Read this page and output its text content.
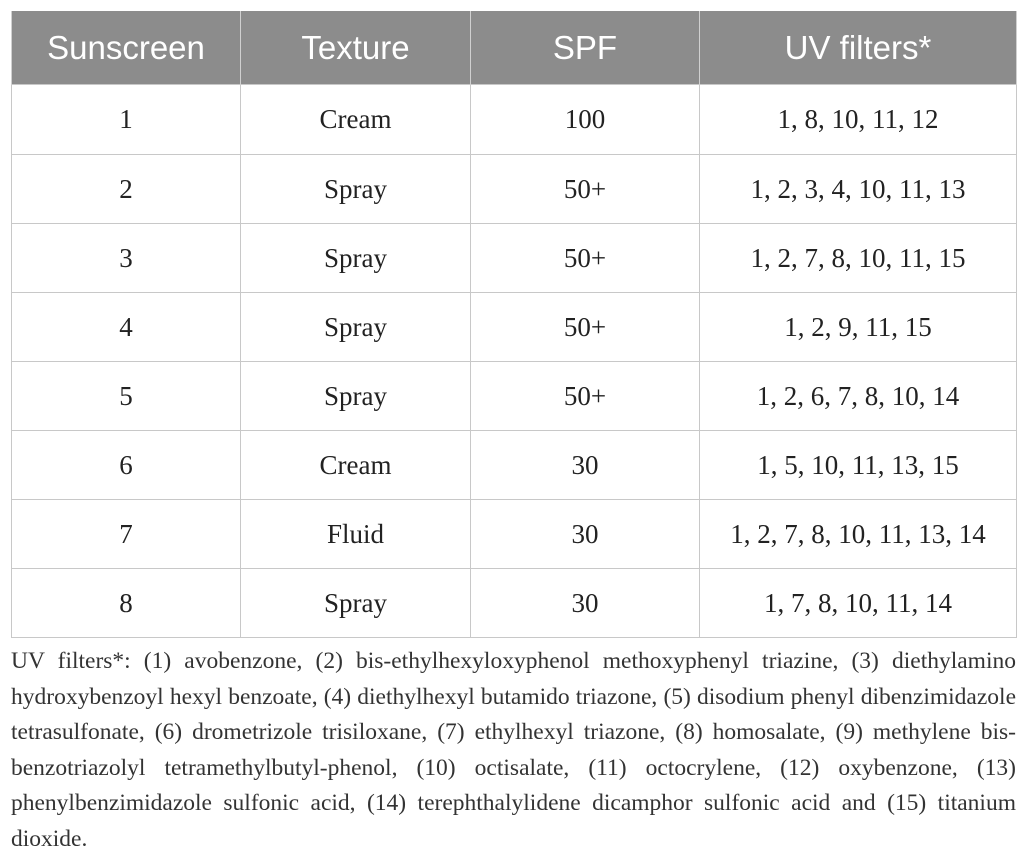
Sunscreen	Texture	SPF	UV filters*
1	Cream	100	1, 8, 10, 11, 12
2	Spray	50+	1, 2, 3, 4, 10, 11, 13
3	Spray	50+	1, 2, 7, 8, 10, 11, 15
4	Spray	50+	1, 2, 9, 11, 15
5	Spray	50+	1, 2, 6, 7, 8, 10, 14
6	Cream	30	1, 5, 10, 11, 13, 15
7	Fluid	30	1, 2, 7, 8, 10, 11, 13, 14
8	Spray	30	1, 7, 8, 10, 11, 14

UV filters*: (1) avobenzone, (2) bis-ethylhexyloxyphenol methoxyphenyl triazine, (3) diethylamino hydroxybenzoyl hexyl benzoate, (4) diethylhexyl butamido triazone, (5) disodium phenyl dibenzimidazole tetrasulfonate, (6) drometrizole trisiloxane, (7) ethylhexyl triazone, (8) homosalate, (9) methylene bis-benzotriazolyl tetramethylbutyl-phenol, (10) octisalate, (11) octocrylene, (12) oxybenzone, (13) phenylbenzimidazole sulfonic acid, (14) terephthalylidene dicamphor sulfonic acid and (15) titanium dioxide.
